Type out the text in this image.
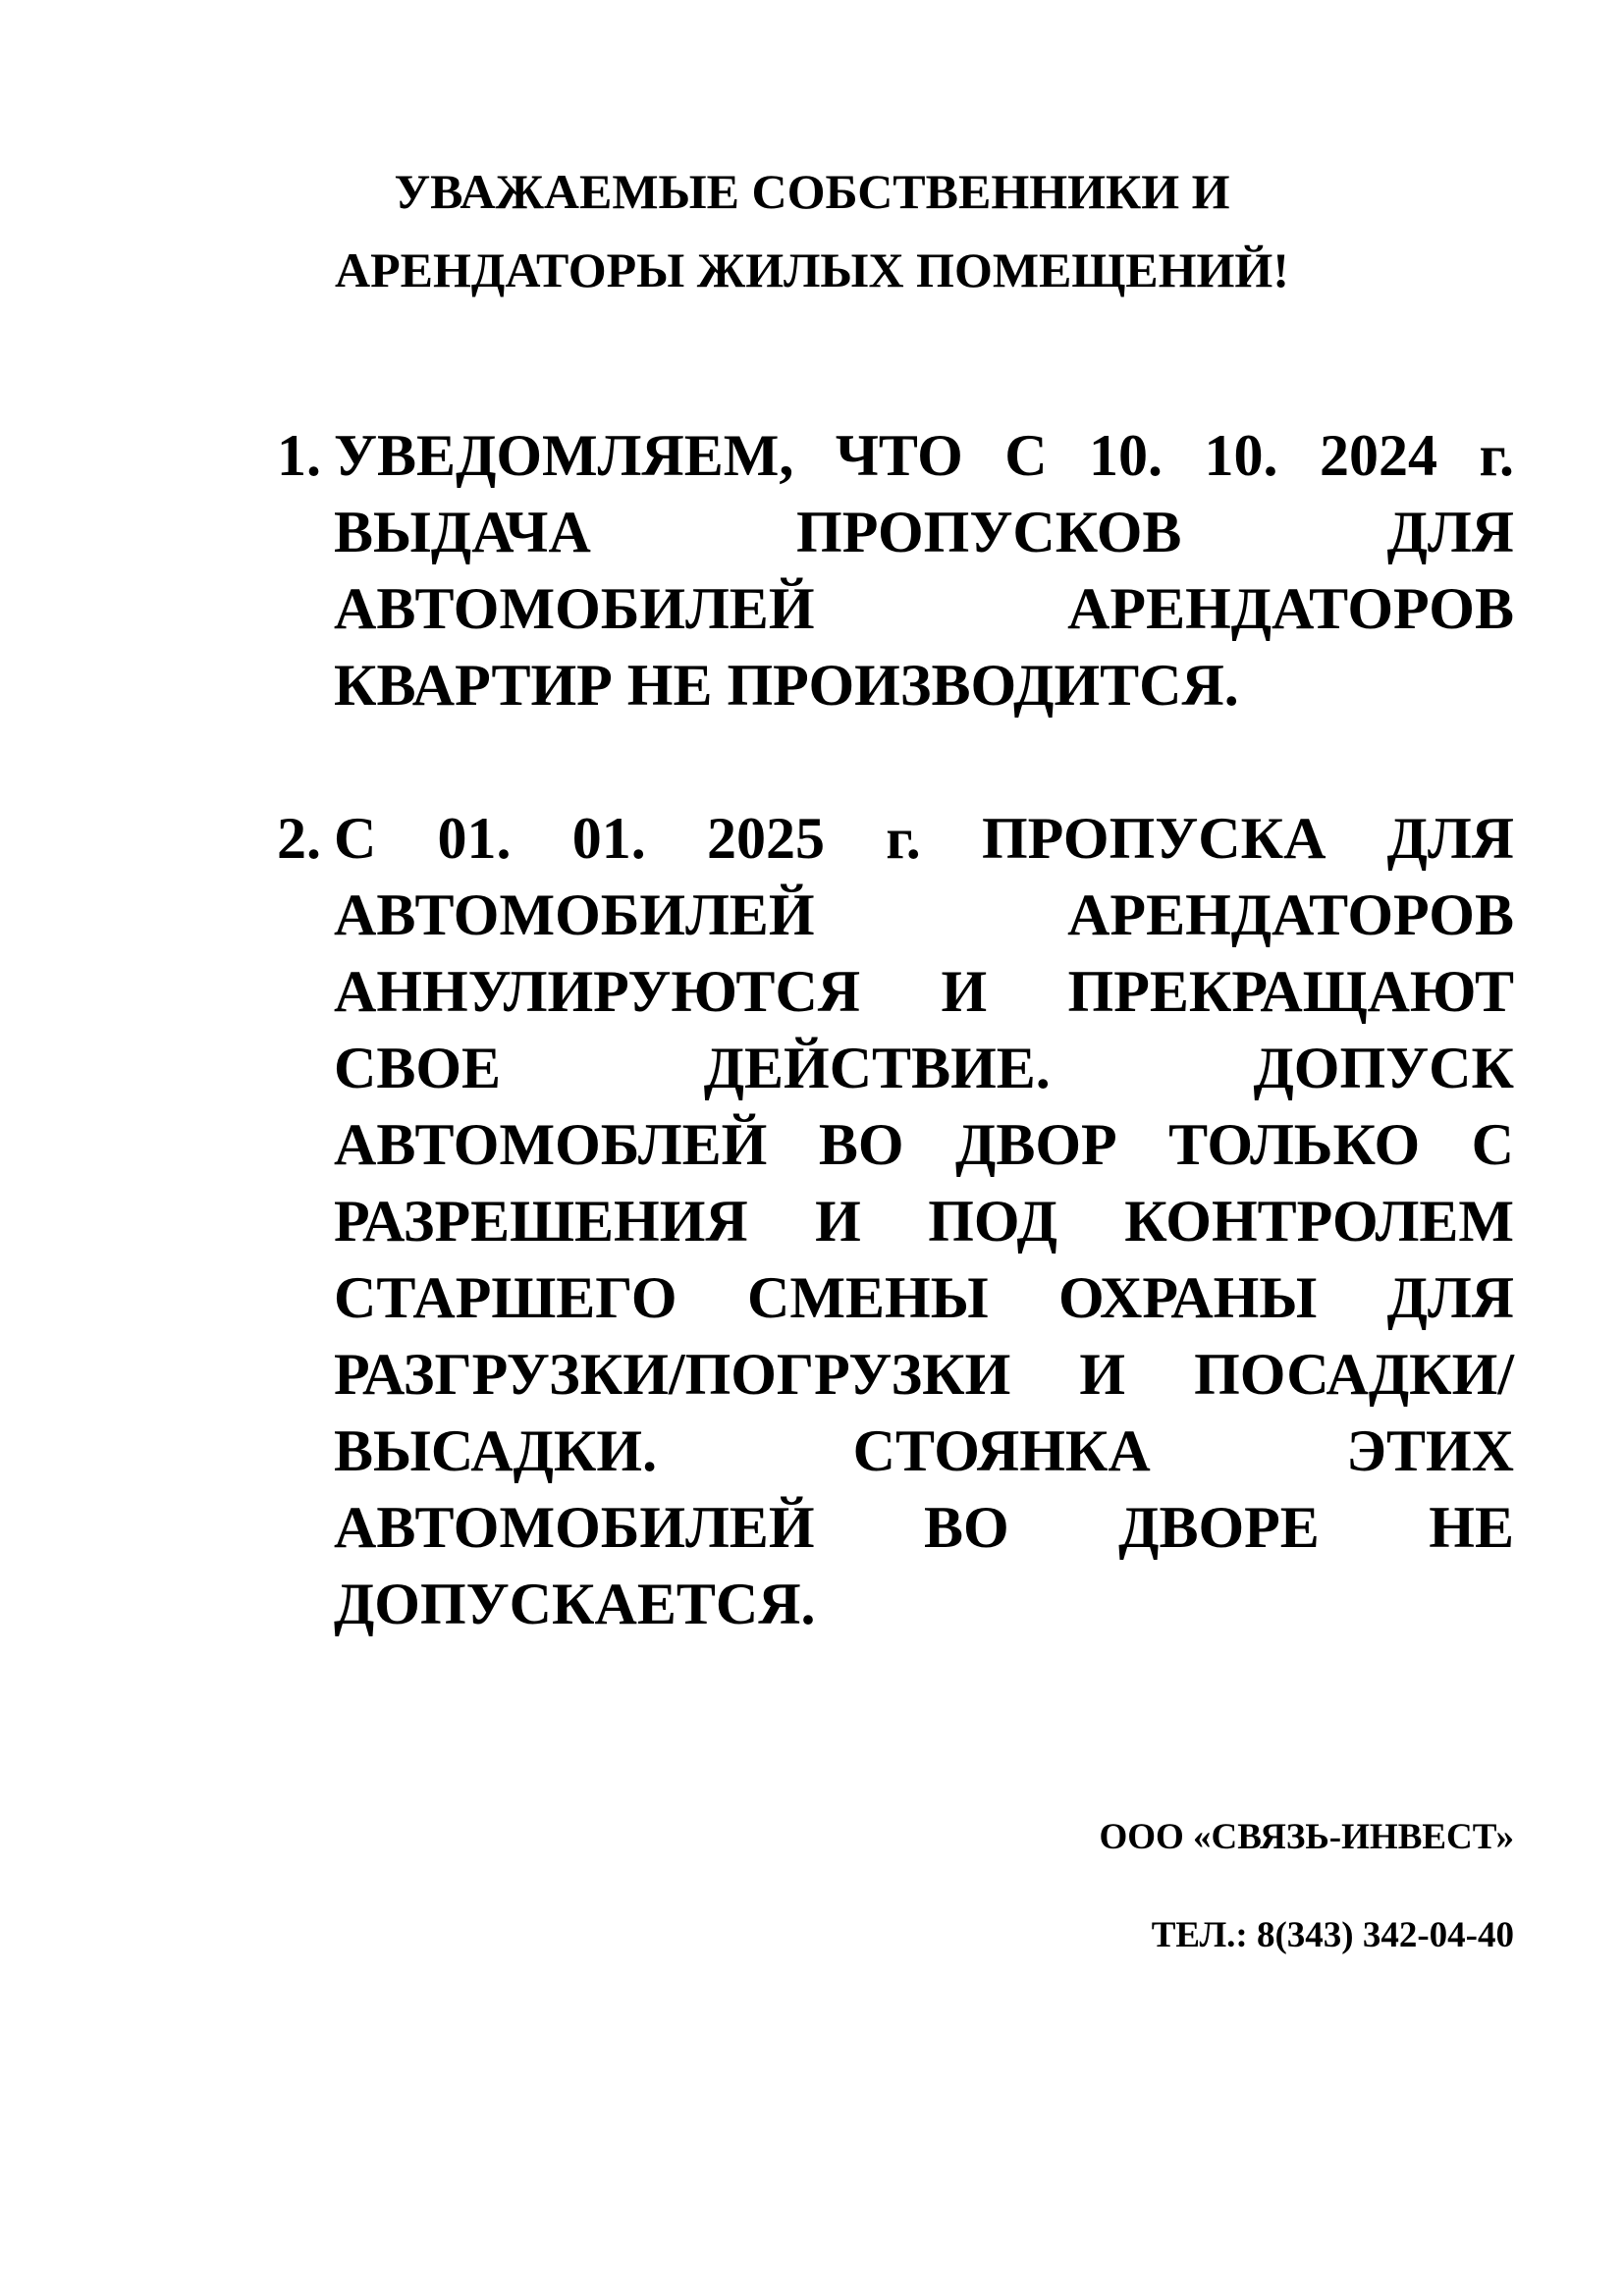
УВАЖАЕМЫЕ СОБСТВЕННИКИ И
АРЕНДАТОРЫ ЖИЛЫХ ПОМЕЩЕНИЙ!
1. УВЕДОМЛЯЕМ, ЧТО С 10. 10. 2024 г.
ВЫДАЧА ПРОПУСКОВ ДЛЯ
АВТОМОБИЛЕЙ АРЕНДАТОРОВ
КВАРТИР НЕ ПРОИЗВОДИТСЯ.
2. С 01. 01. 2025 г. ПРОПУСКА ДЛЯ
АВТОМОБИЛЕЙ АРЕНДАТОРОВ
АННУЛИРУЮТСЯ И ПРЕКРАЩАЮТ
СВОЕ ДЕЙСТВИЕ. ДОПУСК
АВТОМОБЛЕЙ ВО ДВОР ТОЛЬКО С
РАЗРЕШЕНИЯ И ПОД КОНТРОЛЕМ
СТАРШЕГО СМЕНЫ ОХРАНЫ ДЛЯ
РАЗГРУЗКИ/ПОГРУЗКИ И ПОСАДКИ/
ВЫСАДКИ. СТОЯНКА ЭТИХ
АВТОМОБИЛЕЙ ВО ДВОРЕ НЕ
ДОПУСКАЕТСЯ.
ООО «СВЯЗЬ-ИНВЕСТ»
ТЕЛ.: 8(343) 342-04-40
